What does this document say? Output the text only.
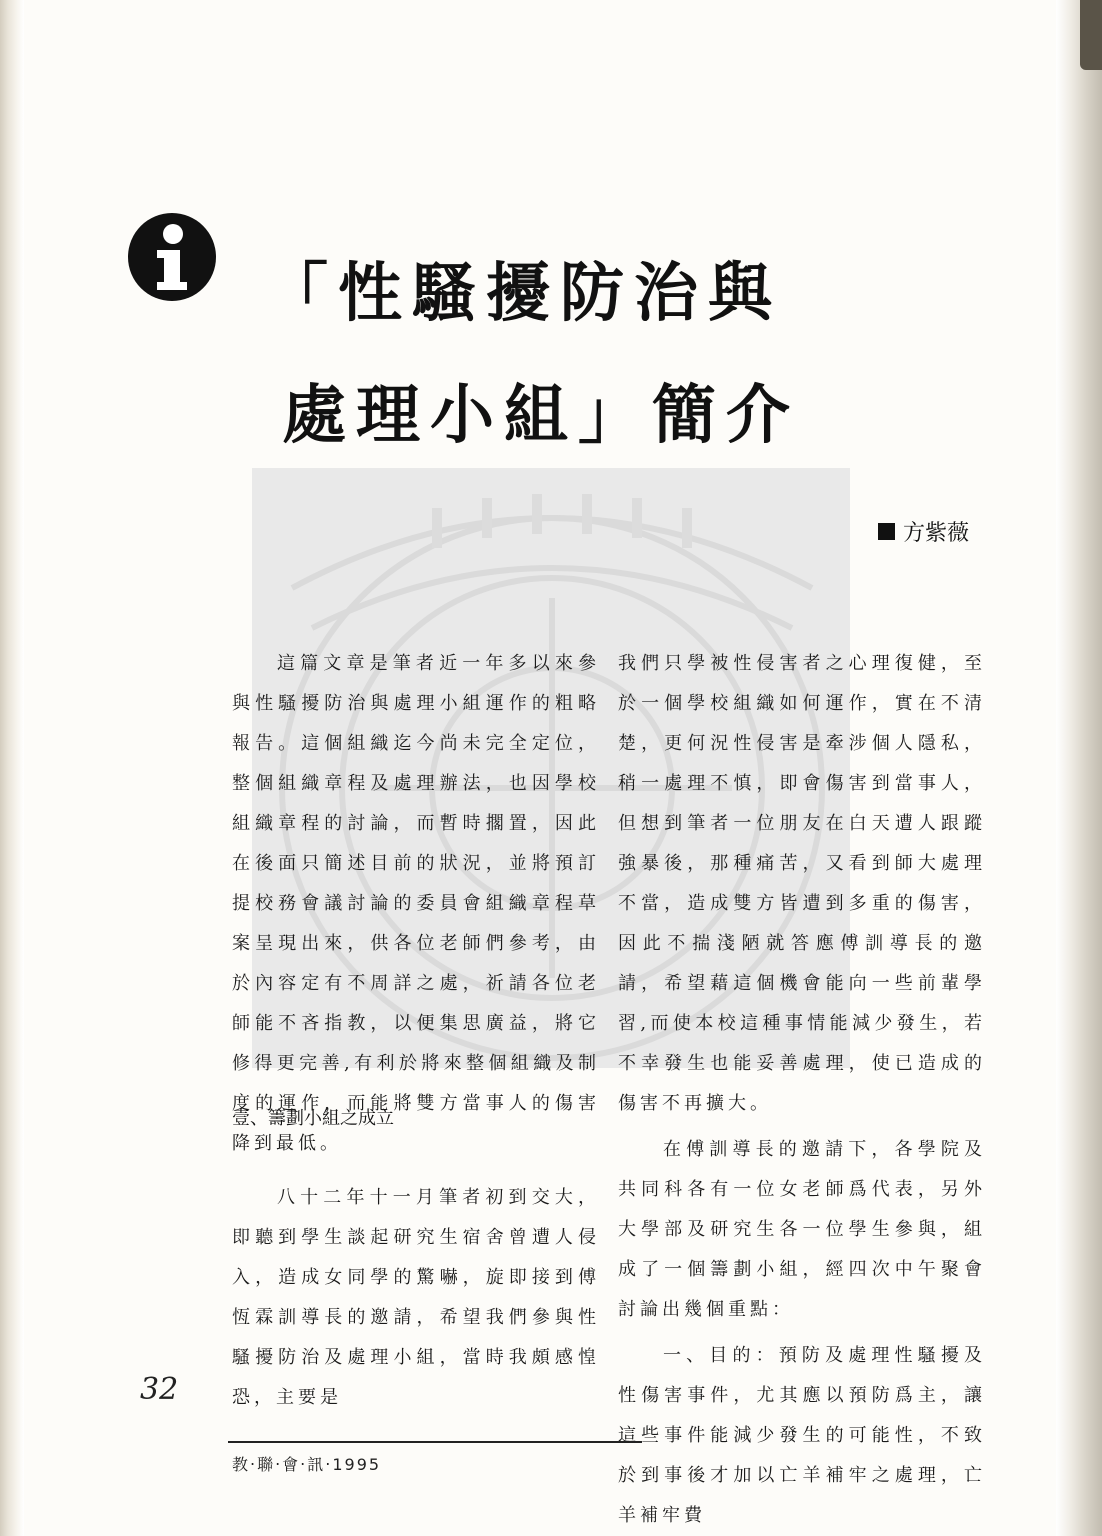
「性騷擾防治與
處理小組」簡介
方紫薇

這篇文章是筆者近一年多以來參與性騷擾防治與處理小組運作的粗略報告。這個組織迄今尚未完全定位，整個組織章程及處理辦法，也因學校組織章程的討論，而暫時擱置，因此在後面只簡述目前的狀況，並將預訂提校務會議討論的委員會組織章程草案呈現出來，供各位老師們參考，由於內容定有不周詳之處，祈請各位老師能不吝指教，以便集思廣益，將它修得更完善,有利於將來整個組織及制度的運作，而能將雙方當事人的傷害降到最低。

壹、籌劃小組之成立

八十二年十一月筆者初到交大，即聽到學生談起研究生宿舍曾遭人侵入，造成女同學的驚嚇，旋即接到傅恆霖訓導長的邀請，希望我們參與性騷擾防治及處理小組，當時我頗感惶恐，主要是

我們只學被性侵害者之心理復健，至於一個學校組織如何運作，實在不清楚，更何況性侵害是牽涉個人隱私，稍一處理不慎，即會傷害到當事人，但想到筆者一位朋友在白天遭人跟蹤強暴後，那種痛苦，又看到師大處理不當，造成雙方皆遭到多重的傷害，因此不揣淺陋就答應傅訓導長的邀請，希望藉這個機會能向一些前輩學習,而使本校這種事情能減少發生，若不幸發生也能妥善處理，使已造成的傷害不再擴大。

在傅訓導長的邀請下，各學院及共同科各有一位女老師爲代表，另外大學部及研究生各一位學生參與，組成了一個籌劃小組，經四次中午聚會討論出幾個重點：

一、目的：預防及處理性騷擾及性傷害事件，尤其應以預防爲主，讓這些事件能減少發生的可能性，不致於到事後才加以亡羊補牢之處理，亡羊補牢費

32
教‧聯‧會‧訊‧1995
